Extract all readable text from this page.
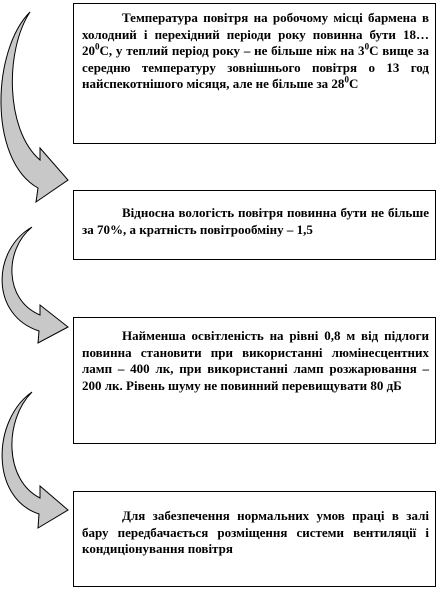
Температура повітря на робочому місці бармена в холодний і перехідний періоди року повинна бути $18\dots 20^0С$, у теплий період року – не більше ніж на $3^0С$ вище за середню температуру зовнішнього повітря о 13 год найспекотнішого місяця, але не більше за $28^0С$

Відносна вологість повітря повинна бути не більше за 70%, а кратність повітрообміну – 1,5

Найменша освітленість на рівні 0,8 м від підлоги повинна становити при використанні люмінесцентних ламп – 400 лк, при використанні ламп розжарювання – 200 лк. Рівень шуму не повинний перевищувати 80 дБ

Для забезпечення нормальних умов праці в залі бару передбачається розміщення системи вентиляції і кондиціонування повітря
